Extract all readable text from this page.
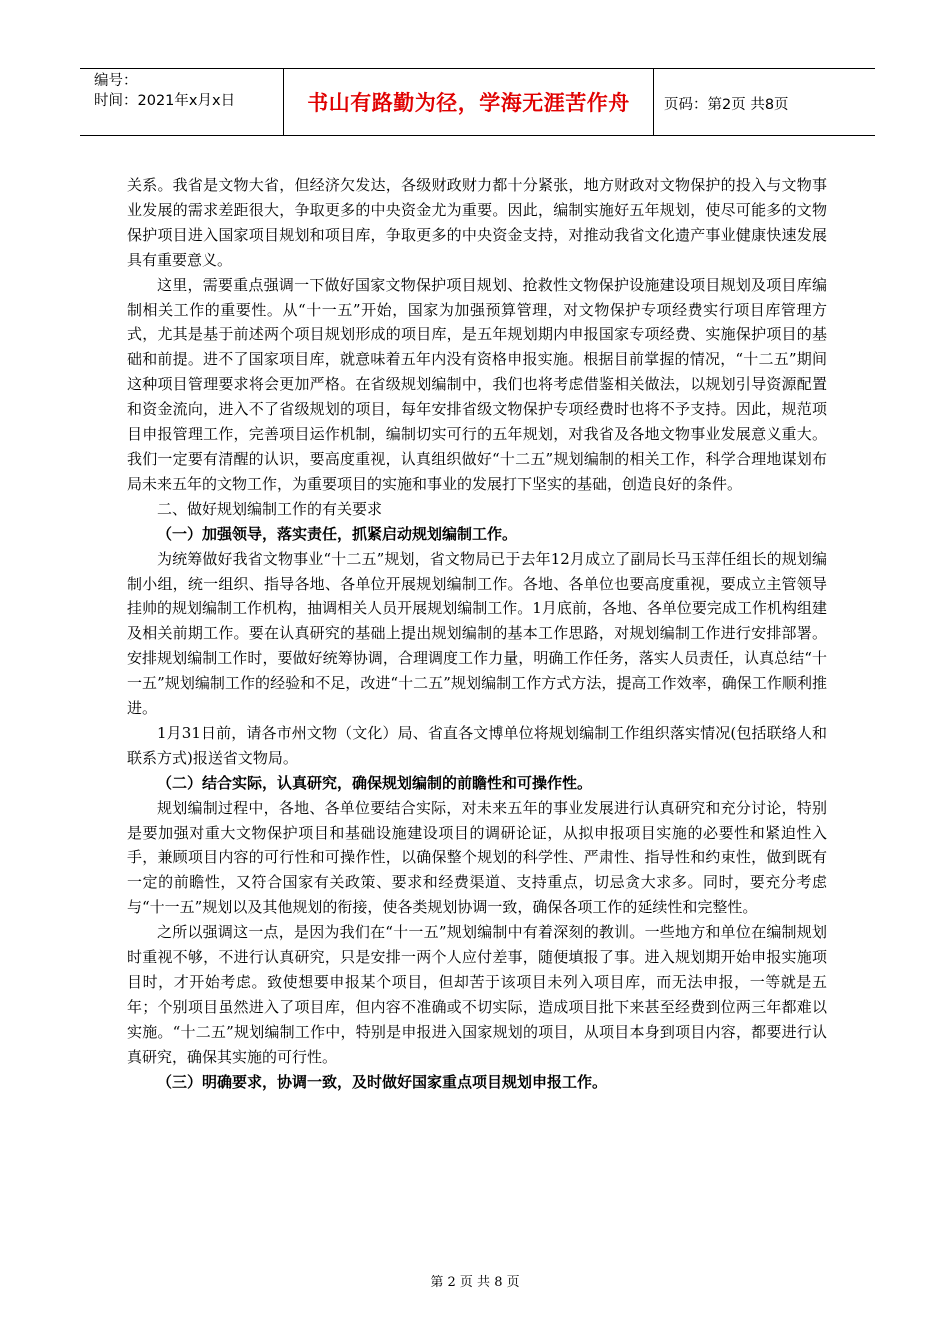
编号：
时间：2021年x月x日	书山有路勤为径，学海无涯苦作舟	页码：第2页 共8页

关系。我省是文物大省，但经济欠发达，各级财政财力都十分紧张，地方财政对文物保护的投入与文物事业发展的需求差距很大，争取更多的中央资金尤为重要。因此，编制实施好五年规划，使尽可能多的文物保护项目进入国家项目规划和项目库，争取更多的中央资金支持，对推动我省文化遗产事业健康快速发展具有重要意义。

这里，需要重点强调一下做好国家文物保护项目规划、抢救性文物保护设施建设项目规划及项目库编制相关工作的重要性。从“十一五”开始，国家为加强预算管理，对文物保护专项经费实行项目库管理方式，尤其是基于前述两个项目规划形成的项目库，是五年规划期内申报国家专项经费、实施保护项目的基础和前提。进不了国家项目库，就意味着五年内没有资格申报实施。根据目前掌握的情况，“十二五”期间这种项目管理要求将会更加严格。在省级规划编制中，我们也将考虑借鉴相关做法，以规划引导资源配置和资金流向，进入不了省级规划的项目，每年安排省级文物保护专项经费时也将不予支持。因此，规范项目申报管理工作，完善项目运作机制，编制切实可行的五年规划，对我省及各地文物事业发展意义重大。我们一定要有清醒的认识，要高度重视，认真组织做好“十二五”规划编制的相关工作，科学合理地谋划布局未来五年的文物工作，为重要项目的实施和事业的发展打下坚实的基础，创造良好的条件。

二、做好规划编制工作的有关要求

（一）加强领导，落实责任，抓紧启动规划编制工作。

为统筹做好我省文物事业“十二五”规划，省文物局已于去年12月成立了副局长马玉萍任组长的规划编制小组，统一组织、指导各地、各单位开展规划编制工作。各地、各单位也要高度重视，要成立主管领导挂帅的规划编制工作机构，抽调相关人员开展规划编制工作。1月底前，各地、各单位要完成工作机构组建及相关前期工作。要在认真研究的基础上提出规划编制的基本工作思路，对规划编制工作进行安排部署。安排规划编制工作时，要做好统筹协调，合理调度工作力量，明确工作任务，落实人员责任，认真总结“十一五”规划编制工作的经验和不足，改进“十二五”规划编制工作方式方法，提高工作效率，确保工作顺利推进。

1月31日前，请各市州文物（文化）局、省直各文博单位将规划编制工作组织落实情况(包括联络人和联系方式)报送省文物局。

（二）结合实际，认真研究，确保规划编制的前瞻性和可操作性。

规划编制过程中，各地、各单位要结合实际，对未来五年的事业发展进行认真研究和充分讨论，特别是要加强对重大文物保护项目和基础设施建设项目的调研论证，从拟申报项目实施的必要性和紧迫性入手，兼顾项目内容的可行性和可操作性，以确保整个规划的科学性、严肃性、指导性和约束性，做到既有一定的前瞻性，又符合国家有关政策、要求和经费渠道、支持重点，切忌贪大求多。同时，要充分考虑与“十一五”规划以及其他规划的衔接，使各类规划协调一致，确保各项工作的延续性和完整性。

之所以强调这一点，是因为我们在“十一五”规划编制中有着深刻的教训。一些地方和单位在编制规划时重视不够，不进行认真研究，只是安排一两个人应付差事，随便填报了事。进入规划期开始申报实施项目时，才开始考虑。致使想要申报某个项目，但却苦于该项目未列入项目库，而无法申报，一等就是五年；个别项目虽然进入了项目库，但内容不准确或不切实际，造成项目批下来甚至经费到位两三年都难以实施。“十二五”规划编制工作中，特别是申报进入国家规划的项目，从项目本身到项目内容，都要进行认真研究，确保其实施的可行性。

（三）明确要求，协调一致，及时做好国家重点项目规划申报工作。

第 2 页 共 8 页
